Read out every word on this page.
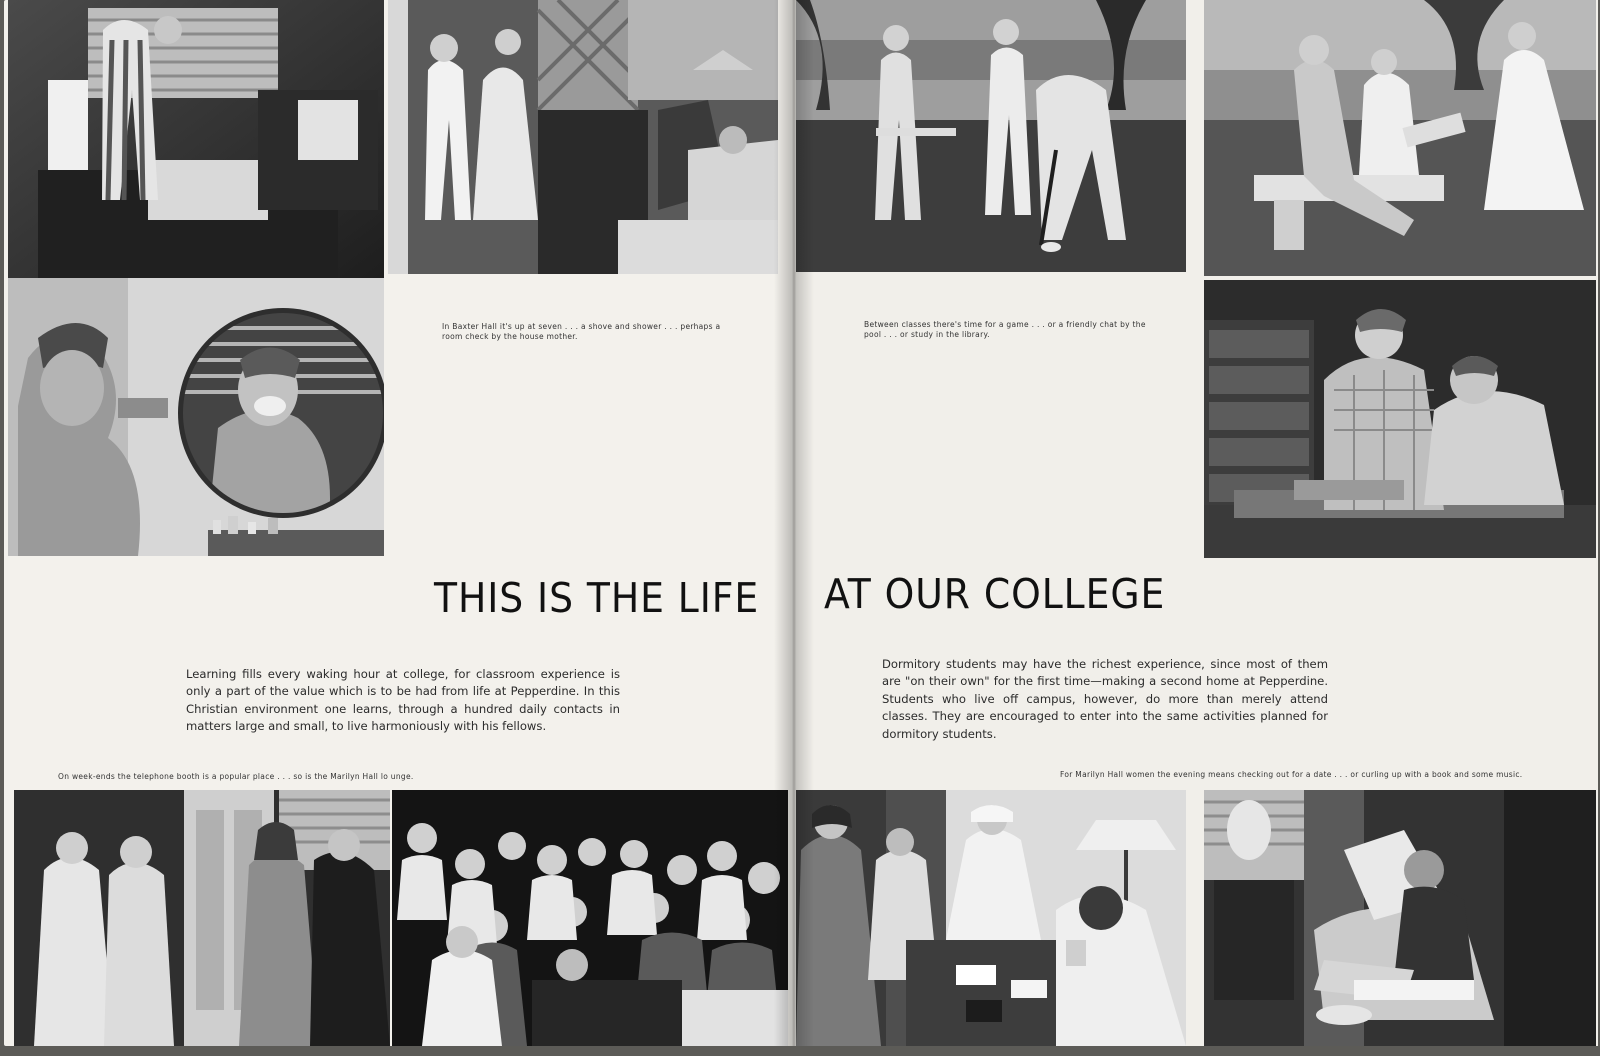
In Baxter Hall it's up at seven . . . a shove and shower . . . perhaps a room check by the house mother.
Between classes there's time for a game . . . or a friendly chat by the pool . . . or study in the library.
On week-ends the telephone booth is a popular place . . . so is the Marilyn Hall lo unge.	For Marilyn Hall women the evening means checking out for a date . . . or curling up with a book and some music.
THIS IS THE LIFE AT OUR COLLEGE
Learning fills every waking hour at college, for classroom experience is only a part of the value which is to be had from life at Pepperdine. In this Christian environment one learns, through a hundred daily contacts in matters large and small, to live harmoniously with his fellows.
Dormitory students may have the richest experience, since most of them are "on their own" for the first time—making a second home at Pepperdine. Students who live off campus, however, do more than merely attend classes. They are encouraged to enter into the same activities planned for dormitory students.
